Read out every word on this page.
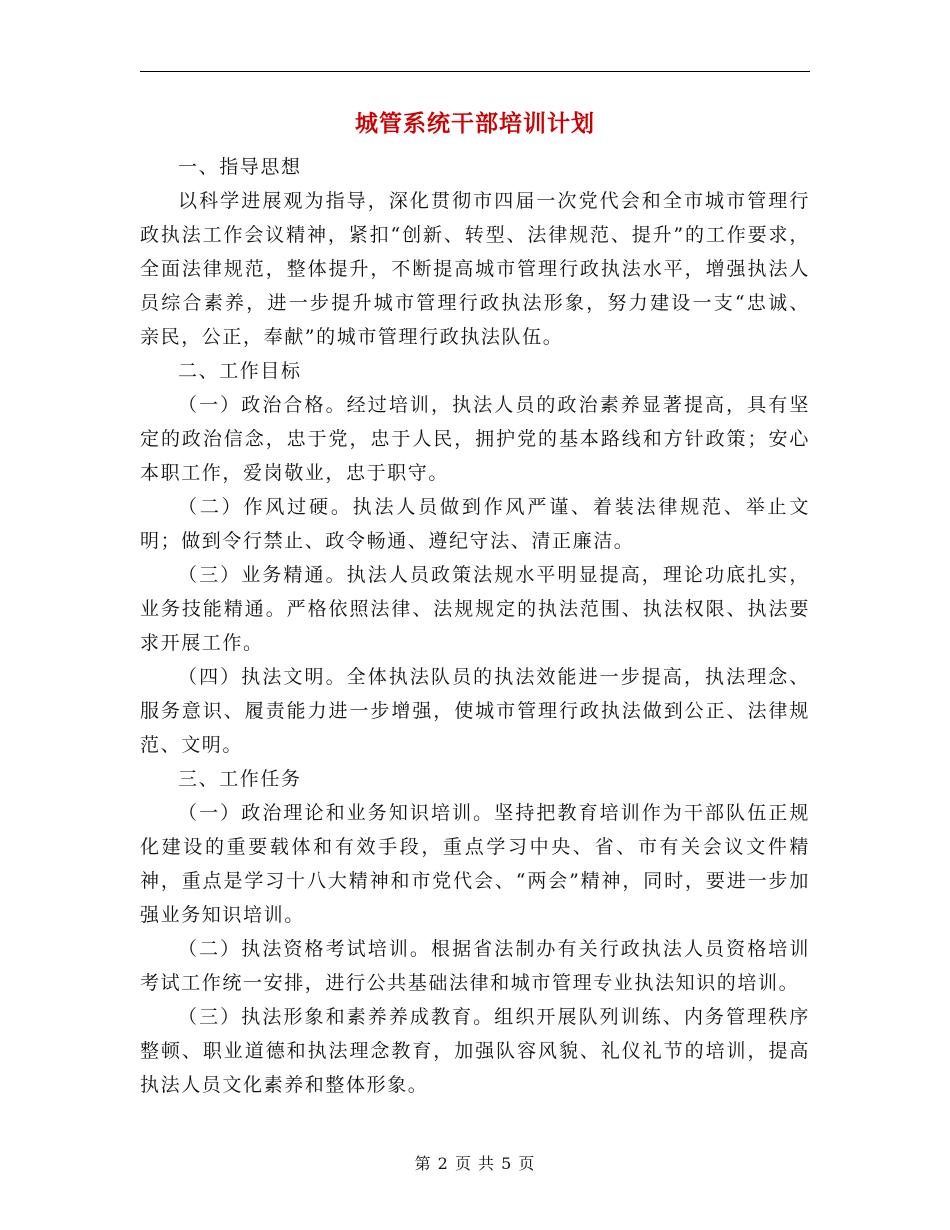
城管系统干部培训计划

一、指导思想

以科学进展观为指导，深化贯彻市四届一次党代会和全市城市管理行政执法工作会议精神，紧扣“创新、转型、法律规范、提升”的工作要求，全面法律规范，整体提升，不断提高城市管理行政执法水平，增强执法人员综合素养，进一步提升城市管理行政执法形象，努力建设一支“忠诚、亲民，公正，奉献”的城市管理行政执法队伍。

二、工作目标

（一）政治合格。经过培训，执法人员的政治素养显著提高，具有坚定的政治信念，忠于党，忠于人民，拥护党的基本路线和方针政策；安心本职工作，爱岗敬业，忠于职守。

（二）作风过硬。执法人员做到作风严谨、着装法律规范、举止文明；做到令行禁止、政令畅通、遵纪守法、清正廉洁。

（三）业务精通。执法人员政策法规水平明显提高，理论功底扎实，业务技能精通。严格依照法律、法规规定的执法范围、执法权限、执法要求开展工作。

（四）执法文明。全体执法队员的执法效能进一步提高，执法理念、服务意识、履责能力进一步增强，使城市管理行政执法做到公正、法律规范、文明。

三、工作任务

（一）政治理论和业务知识培训。坚持把教育培训作为干部队伍正规化建设的重要载体和有效手段，重点学习中央、省、市有关会议文件精神，重点是学习十八大精神和市党代会、“两会”精神，同时，要进一步加强业务知识培训。

（二）执法资格考试培训。根据省法制办有关行政执法人员资格培训考试工作统一安排，进行公共基础法律和城市管理专业执法知识的培训。

（三）执法形象和素养养成教育。组织开展队列训练、内务管理秩序整顿、职业道德和执法理念教育，加强队容风貌、礼仪礼节的培训，提高执法人员文化素养和整体形象。

第 2 页 共 5 页
